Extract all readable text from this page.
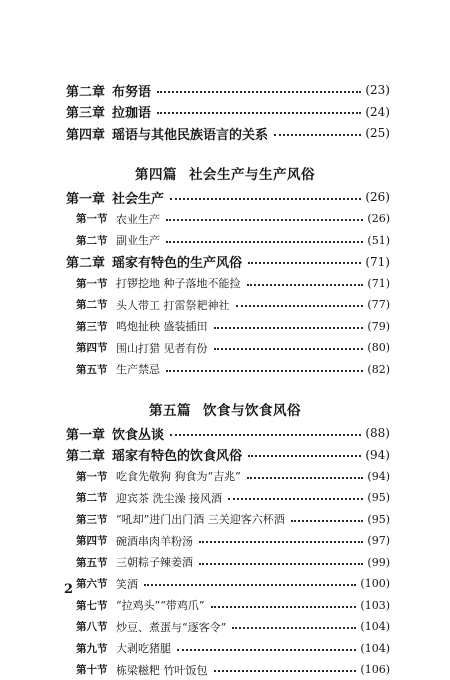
第二章 布努语	(23)
第三章 拉珈语	(24)
第四章 瑶语与其他民族语言的关系	(25)
第四篇 社会生产与生产风俗
第一章 社会生产	(26)
第一节 农业生产	(26)
第二节 副业生产	(51)
第二章 瑶家有特色的生产风俗	(71)
第一节 打锣挖地 种子落地不能捡	(71)
第二节 头人带工 打雷祭耙神社	(77)
第三节 鸣炮扯秧 盛装插田	(79)
第四节 围山打猎 见者有份	(80)
第五节 生产禁忌	(82)
第五篇 饮食与饮食风俗
第一章 饮食丛谈	(88)
第二章 瑶家有特色的饮食风俗	(94)
第一节 吃食先敬狗 狗食为“吉兆”	(94)
第二节 迎宾茶 洗尘澡 接风酒	(95)
第三节 “吼却”进门出门酒 三关迎客六杯酒	(95)
第四节 碗酒串肉羊粉汤	(97)
第五节 三朝粽子辣姜酒	(99)
第六节 笑酒	(100)
第七节 “拉鸡头”“带鸡爪”	(103)
第八节 炒豆、煮蛋与“逐客令”	(104)
第九节 大剥吃猪腿	(104)
第十节 栋梁糍粑 竹叶饭包	(106)
2
